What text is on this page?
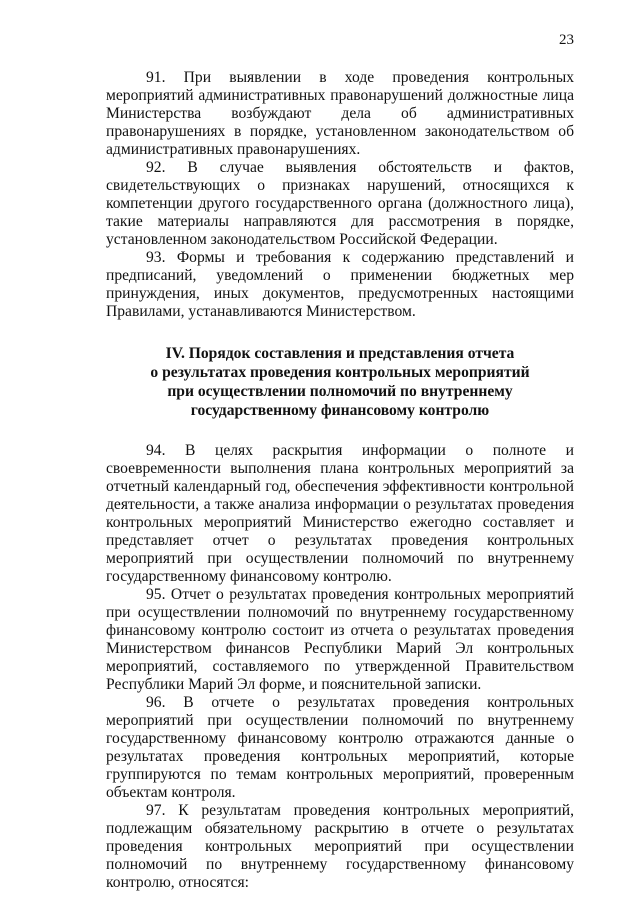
23

91. При выявлении в ходе проведения контрольных мероприятий административных правонарушений должностные лица Министерства возбуждают дела об административных правонарушениях в порядке, установленном законодательством об административных правонарушениях.

92. В случае выявления обстоятельств и фактов, свидетельствующих о признаках нарушений, относящихся к компетенции другого государственного органа (должностного лица), такие материалы направляются для рассмотрения в порядке, установленном законодательством Российской Федерации.

93. Формы и требования к содержанию представлений и предписаний, уведомлений о применении бюджетных мер принуждения, иных документов, предусмотренных настоящими Правилами, устанавливаются Министерством.

IV. Порядок составления и представления отчета
о результатах проведения контрольных мероприятий
при осуществлении полномочий по внутреннему
государственному финансовому контролю

94. В целях раскрытия информации о полноте и своевременности выполнения плана контрольных мероприятий за отчетный календарный год, обеспечения эффективности контрольной деятельности, а также анализа информации о результатах проведения контрольных мероприятий Министерство ежегодно составляет и представляет отчет о результатах проведения контрольных мероприятий при осуществлении полномочий по внутреннему государственному финансовому контролю.

95. Отчет о результатах проведения контрольных мероприятий при осуществлении полномочий по внутреннему государственному финансовому контролю состоит из отчета о результатах проведения Министерством финансов Республики Марий Эл контрольных мероприятий, составляемого по утвержденной Правительством Республики Марий Эл форме, и пояснительной записки.

96. В отчете о результатах проведения контрольных мероприятий при осуществлении полномочий по внутреннему государственному финансовому контролю отражаются данные о результатах проведения контрольных мероприятий, которые группируются по темам контрольных мероприятий, проверенным объектам контроля.

97. К результатам проведения контрольных мероприятий, подлежащим обязательному раскрытию в отчете о результатах проведения контрольных мероприятий при осуществлении полномочий по внутреннему государственному финансовому контролю, относятся:
